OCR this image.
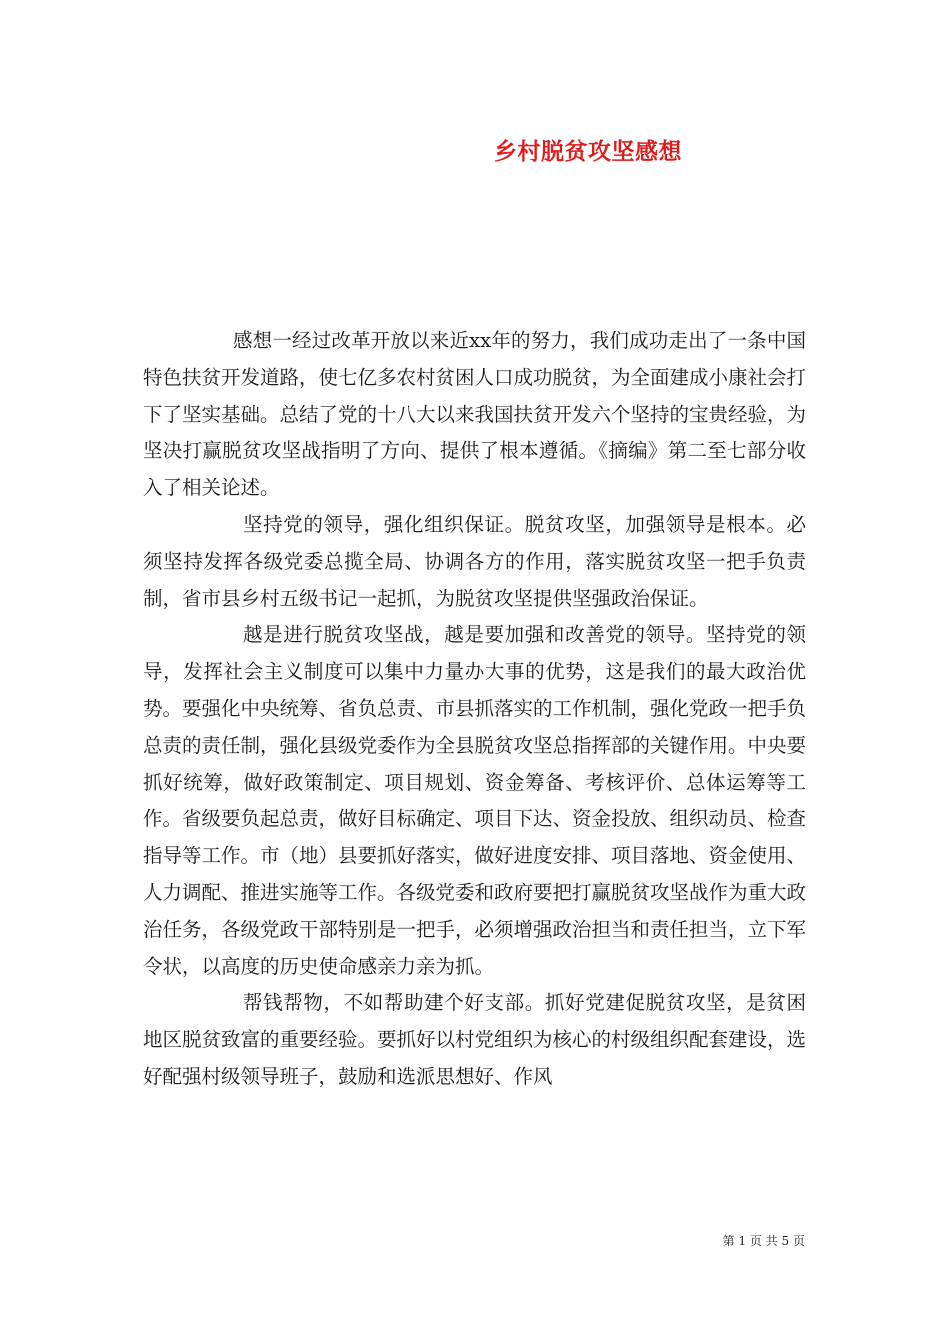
乡村脱贫攻坚感想

感想一经过改革开放以来近xx年的努力，我们成功走出了一条中国特色扶贫开发道路，使七亿多农村贫困人口成功脱贫，为全面建成小康社会打下了坚实基础。总结了党的十八大以来我国扶贫开发六个坚持的宝贵经验，为坚决打赢脱贫攻坚战指明了方向、提供了根本遵循。《摘编》第二至七部分收入了相关论述。

坚持党的领导，强化组织保证。脱贫攻坚，加强领导是根本。必须坚持发挥各级党委总揽全局、协调各方的作用，落实脱贫攻坚一把手负责制，省市县乡村五级书记一起抓，为脱贫攻坚提供坚强政治保证。

越是进行脱贫攻坚战，越是要加强和改善党的领导。坚持党的领导，发挥社会主义制度可以集中力量办大事的优势，这是我们的最大政治优势。要强化中央统筹、省负总责、市县抓落实的工作机制，强化党政一把手负总责的责任制，强化县级党委作为全县脱贫攻坚总指挥部的关键作用。中央要抓好统筹，做好政策制定、项目规划、资金筹备、考核评价、总体运筹等工作。省级要负起总责，做好目标确定、项目下达、资金投放、组织动员、检查指导等工作。市（地）县要抓好落实，做好进度安排、项目落地、资金使用、人力调配、推进实施等工作。各级党委和政府要把打赢脱贫攻坚战作为重大政治任务，各级党政干部特别是一把手，必须增强政治担当和责任担当，立下军令状，以高度的历史使命感亲力亲为抓。

帮钱帮物，不如帮助建个好支部。抓好党建促脱贫攻坚，是贫困地区脱贫致富的重要经验。要抓好以村党组织为核心的村级组织配套建设，选好配强村级领导班子，鼓励和选派思想好、作风

第 1 页 共 5 页
